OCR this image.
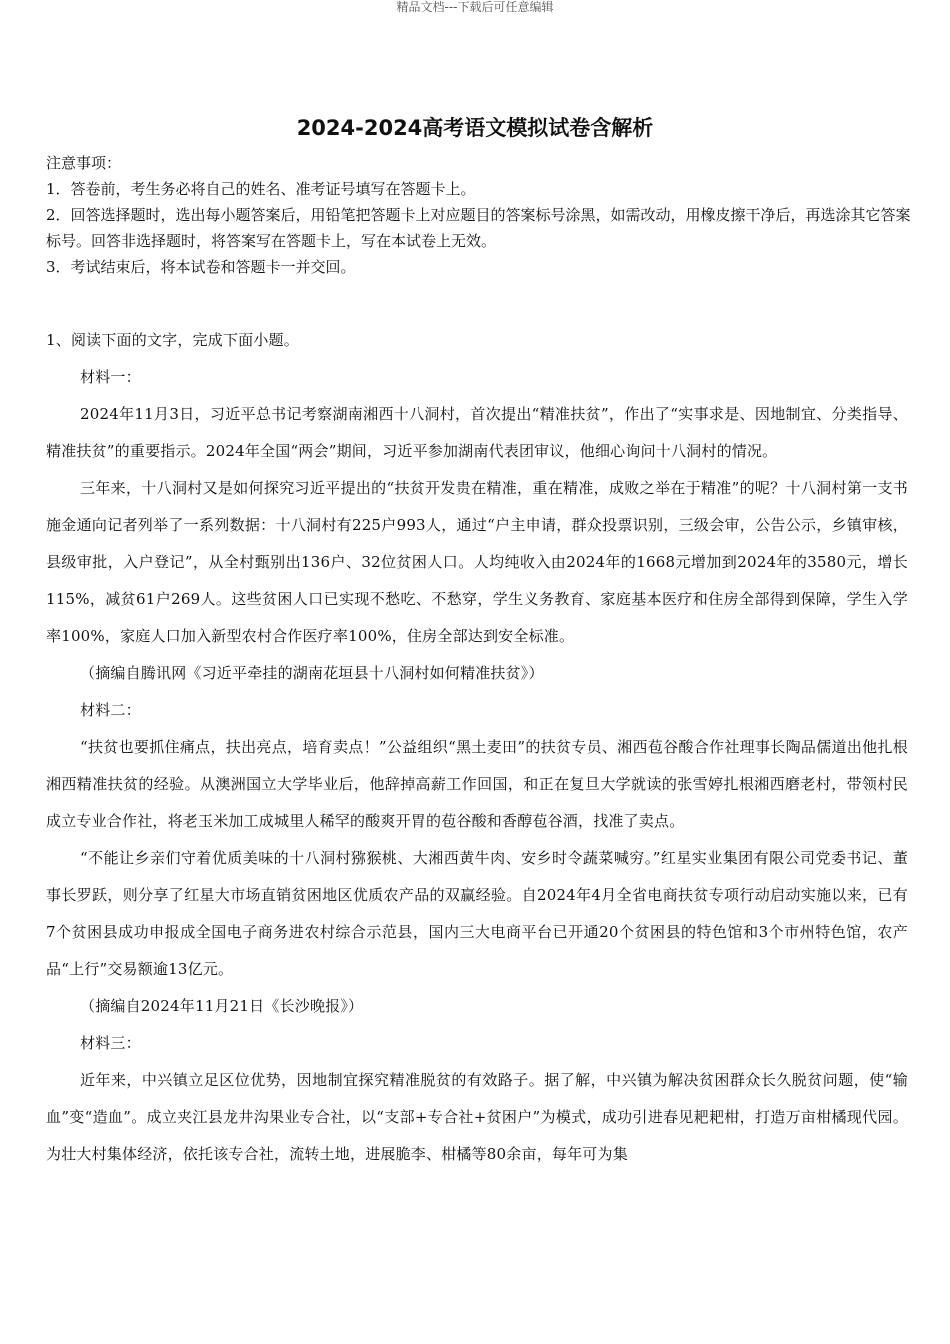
精品文档---下载后可任意编辑
2024-2024高考语文模拟试卷含解析

注意事项：

1．答卷前，考生务必将自己的姓名、准考证号填写在答题卡上。

2．回答选择题时，选出每小题答案后，用铅笔把答题卡上对应题目的答案标号涂黑，如需改动，用橡皮擦干净后，再选涂其它答案标号。回答非选择题时，将答案写在答题卡上，写在本试卷上无效。

3．考试结束后，将本试卷和答题卡一并交回。

1、阅读下面的文字，完成下面小题。

材料一：

2024年11月3日，习近平总书记考察湖南湘西十八洞村，首次提出“精准扶贫”，作出了“实事求是、因地制宜、分类指导、精准扶贫”的重要指示。2024年全国“两会”期间，习近平参加湖南代表团审议，他细心询问十八洞村的情况。

三年来，十八洞村又是如何探究习近平提出的“扶贫开发贵在精准，重在精准，成败之举在于精准”的呢？十八洞村第一支书施金通向记者列举了一系列数据：十八洞村有225户993人，通过“户主申请，群众投票识别，三级会审，公告公示，乡镇审核，县级审批，入户登记”，从全村甄别出136户、32位贫困人口。人均纯收入由2024年的1668元增加到2024年的3580元，增长115%，减贫61户269人。这些贫困人口已实现不愁吃、不愁穿，学生义务教育、家庭基本医疗和住房全部得到保障，学生入学率100%，家庭人口加入新型农村合作医疗率100%，住房全部达到安全标准。

（摘编自腾讯网《习近平牵挂的湖南花垣县十八洞村如何精准扶贫》）

材料二：

“扶贫也要抓住痛点，扶出亮点，培育卖点！”公益组织“黑土麦田”的扶贫专员、湘西苞谷酸合作社理事长陶品儒道出他扎根湘西精准扶贫的经验。从澳洲国立大学毕业后，他辞掉高薪工作回国，和正在复旦大学就读的张雪婷扎根湘西磨老村，带领村民成立专业合作社，将老玉米加工成城里人稀罕的酸爽开胃的苞谷酸和香醇苞谷酒，找准了卖点。

“不能让乡亲们守着优质美味的十八洞村猕猴桃、大湘西黄牛肉、安乡时令蔬菜喊穷。”红星实业集团有限公司党委书记、董事长罗跃，则分享了红星大市场直销贫困地区优质农产品的双赢经验。自2024年4月全省电商扶贫专项行动启动实施以来，已有7个贫困县成功申报成全国电子商务进农村综合示范县，国内三大电商平台已开通20个贫困县的特色馆和3个市州特色馆，农产品“上行”交易额逾13亿元。

（摘编自2024年11月21日《长沙晚报》）

材料三：

近年来，中兴镇立足区位优势，因地制宜探究精准脱贫的有效路子。据了解，中兴镇为解决贫困群众长久脱贫问题，使“输血”变“造血”。成立夹江县龙井沟果业专合社，以“支部+专合社+贫困户”为模式，成功引进春见耙耙柑，打造万亩柑橘现代园。为壮大村集体经济，依托该专合社，流转土地，进展脆李、柑橘等80余亩，每年可为集
